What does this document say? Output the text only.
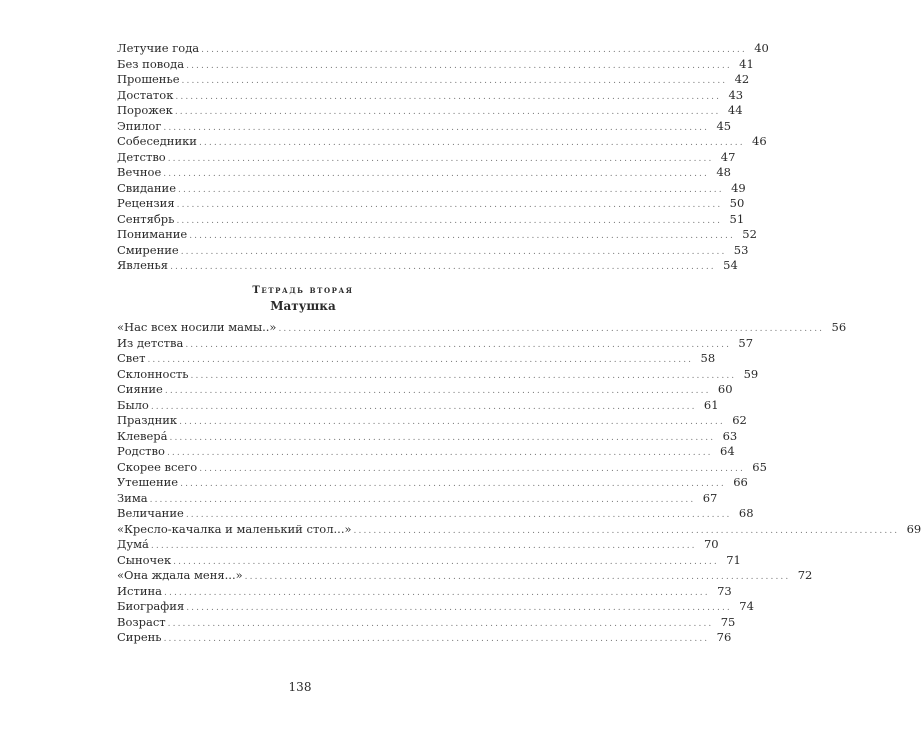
Летучие года .............................................................................................................. 40
Без повода .............................................................................................................. 41
Прошенье .............................................................................................................. 42
Достаток .............................................................................................................. 43
Порожек .............................................................................................................. 44
Эпилог .............................................................................................................. 45
Собеседники .............................................................................................................. 46
Детство .............................................................................................................. 47
Вечное .............................................................................................................. 48
Свидание .............................................................................................................. 49
Рецензия .............................................................................................................. 50
Сентябрь .............................................................................................................. 51
Понимание .............................................................................................................. 52
Смирение .............................................................................................................. 53
Явленья .............................................................................................................. 54
Тетрадь вторая
Матушка
«Нас всех носили мамы..» .............................................................................................................. 56
Из детства .............................................................................................................. 57
Свет .............................................................................................................. 58
Склонность .............................................................................................................. 59
Сияние .............................................................................................................. 60
Было .............................................................................................................. 61
Праздник .............................................................................................................. 62
Клевера́ .............................................................................................................. 63
Родство .............................................................................................................. 64
Скорее всего .............................................................................................................. 65
Утешение .............................................................................................................. 66
Зима .............................................................................................................. 67
Величание .............................................................................................................. 68
«Кресло-качалка и маленький стол...» .............................................................................................................. 69
Дума́ .............................................................................................................. 70
Сыночек .............................................................................................................. 71
«Она ждала меня...» .............................................................................................................. 72
Истина .............................................................................................................. 73
Биография .............................................................................................................. 74
Возраст .............................................................................................................. 75
Сирень .............................................................................................................. 76
138
